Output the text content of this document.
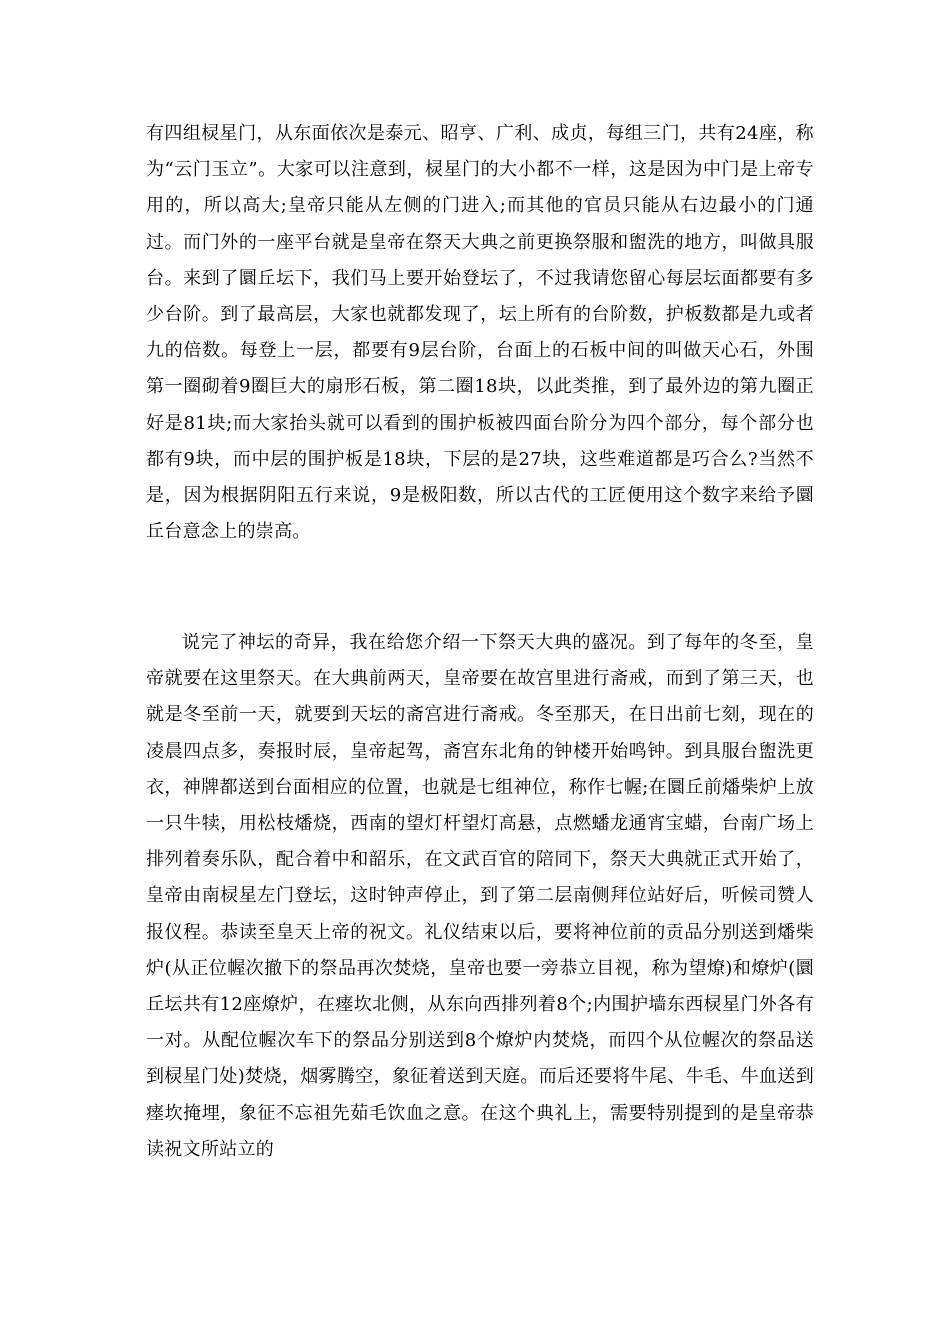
有四组棂星门，从东面依次是泰元、昭亨、广利、成贞，每组三门，共有24座，称为“云门玉立”。大家可以注意到，棂星门的大小都不一样，这是因为中门是上帝专用的，所以高大;皇帝只能从左侧的门进入;而其他的官员只能从右边最小的门通过。而门外的一座平台就是皇帝在祭天大典之前更换祭服和盥洗的地方，叫做具服台。来到了圜丘坛下，我们马上要开始登坛了，不过我请您留心每层坛面都要有多少台阶。到了最高层，大家也就都发现了，坛上所有的台阶数，护板数都是九或者九的倍数。每登上一层，都要有9层台阶，台面上的石板中间的叫做天心石，外围第一圈砌着9圈巨大的扇形石板，第二圈18块，以此类推，到了最外边的第九圈正好是81块;而大家抬头就可以看到的围护板被四面台阶分为四个部分，每个部分也都有9块，而中层的围护板是18块，下层的是27块，这些难道都是巧合么?当然不是，因为根据阴阳五行来说，9是极阳数，所以古代的工匠便用这个数字来给予圜丘台意念上的崇高。

说完了神坛的奇异，我在给您介绍一下祭天大典的盛况。到了每年的冬至，皇帝就要在这里祭天。在大典前两天，皇帝要在故宫里进行斋戒，而到了第三天，也就是冬至前一天，就要到天坛的斋宫进行斋戒。冬至那天，在日出前七刻，现在的凌晨四点多，奏报时辰，皇帝起驾，斋宫东北角的钟楼开始鸣钟。到具服台盥洗更衣，神牌都送到台面相应的位置，也就是七组神位，称作七幄;在圜丘前燔柴炉上放一只牛犊，用松枝燔烧，西南的望灯杆望灯高悬，点燃蟠龙通宵宝蜡，台南广场上排列着奏乐队，配合着中和韶乐，在文武百官的陪同下，祭天大典就正式开始了，皇帝由南棂星左门登坛，这时钟声停止，到了第二层南侧拜位站好后，听候司赞人报仪程。恭读至皇天上帝的祝文。礼仪结束以后，要将神位前的贡品分别送到燔柴炉(从正位幄次撤下的祭品再次焚烧，皇帝也要一旁恭立目视，称为望燎)和燎炉(圜丘坛共有12座燎炉，在瘗坎北侧，从东向西排列着8个;内围护墙东西棂星门外各有一对。从配位幄次车下的祭品分别送到8个燎炉内焚烧，而四个从位幄次的祭品送到棂星门处)焚烧，烟雾腾空，象征着送到天庭。而后还要将牛尾、牛毛、牛血送到瘗坎掩埋，象征不忘祖先茹毛饮血之意。在这个典礼上，需要特别提到的是皇帝恭读祝文所站立的
